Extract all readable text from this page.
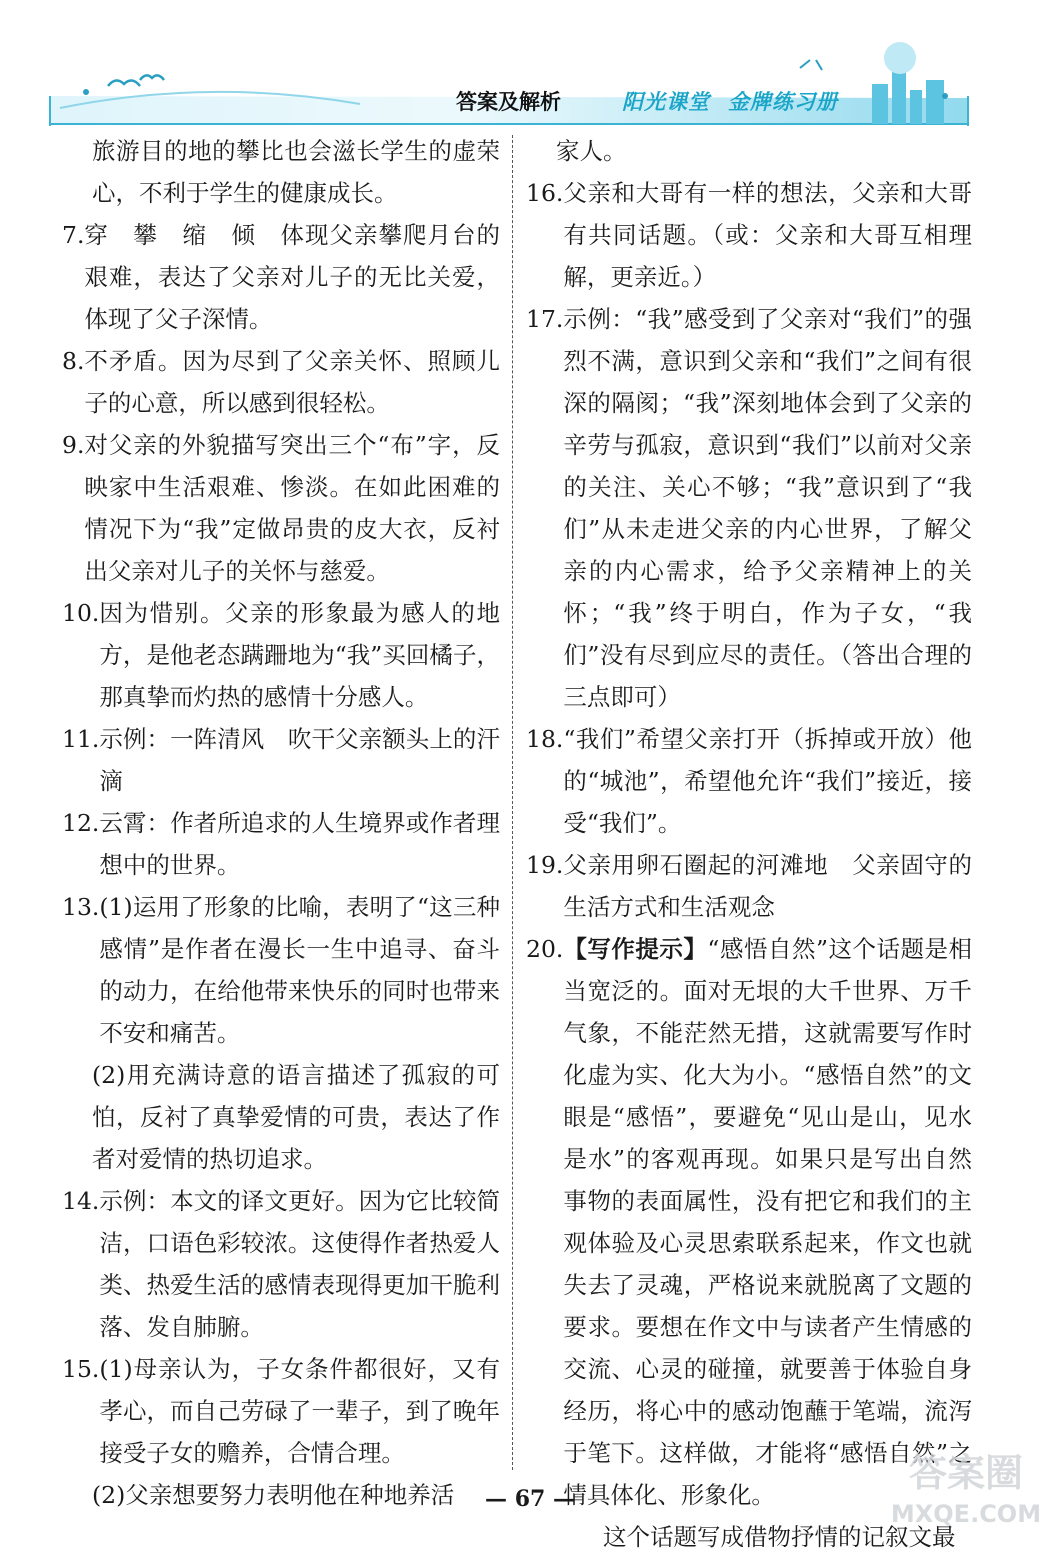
答案及解析	阳光课堂 金牌练习册

旅游目的地的攀比也会滋长学生的虚荣心，不利于学生的健康成长。

7. 穿　攀　缩　倾　体现父亲攀爬月台的艰难，表达了父亲对儿子的无比关爱，体现了父子深情。
8. 不矛盾。因为尽到了父亲关怀、照顾儿子的心意，所以感到很轻松。
9. 对父亲的外貌描写突出三个“布”字，反映家中生活艰难、惨淡。在如此困难的情况下为“我”定做昂贵的皮大衣，反衬出父亲对儿子的关怀与慈爱。
10. 因为惜别。父亲的形象最为感人的地方，是他老态蹒跚地为“我”买回橘子，那真挚而灼热的感情十分感人。
11. 示例：一阵清风　吹干父亲额头上的汗滴
12. 云霄：作者所追求的人生境界或作者理想中的世界。
13. (1)运用了形象的比喻，表明了“这三种感情”是作者在漫长一生中追寻、奋斗的动力，在给他带来快乐的同时也带来不安和痛苦。

(2)用充满诗意的语言描述了孤寂的可怕，反衬了真挚爱情的可贵，表达了作者对爱情的热切追求。

14. 示例：本文的译文更好。因为它比较简洁，口语色彩较浓。这使得作者热爱人类、热爱生活的感情表现得更加干脆利落、发自肺腑。
15. (1)母亲认为，子女条件都很好，又有孝心，而自己劳碌了一辈子，到了晚年接受子女的赡养，合情合理。

(2)父亲想要努力表明他在种地养活

家人。

16. 父亲和大哥有一样的想法，父亲和大哥有共同话题。（或：父亲和大哥互相理解，更亲近。）
17. 示例：“我”感受到了父亲对“我们”的强烈不满，意识到父亲和“我们”之间有很深的隔阂；“我”深刻地体会到了父亲的辛劳与孤寂，意识到“我们”以前对父亲的关注、关心不够；“我”意识到了“我们”从未走进父亲的内心世界，了解父亲的内心需求，给予父亲精神上的关怀；“我”终于明白，作为子女，“我们”没有尽到应尽的责任。（答出合理的三点即可）
18. “我们”希望父亲打开（拆掉或开放）他的“城池”，希望他允许“我们”接近，接受“我们”。
19. 父亲用卵石圈起的河滩地　父亲固守的生活方式和生活观念
20. 【写作提示】“感悟自然”这个话题是相当宽泛的。面对无垠的大千世界、万千气象，不能茫然无措，这就需要写作时化虚为实、化大为小。“感悟自然”的文眼是“感悟”，要避免“见山是山，见水是水”的客观再现。如果只是写出自然事物的表面属性，没有把它和我们的主观体验及心灵思索联系起来，作文也就失去了灵魂，严格说来就脱离了文题的要求。要想在作文中与读者产生情感的交流、心灵的碰撞，就要善于体验自身经历，将心中的感动饱蘸于笔端，流泻于笔下。这样做，才能将“感悟自然”之情具体化、形象化。

这个话题写成借物抒情的记叙文最

— 67 —
答案圈
MXQE.COM
